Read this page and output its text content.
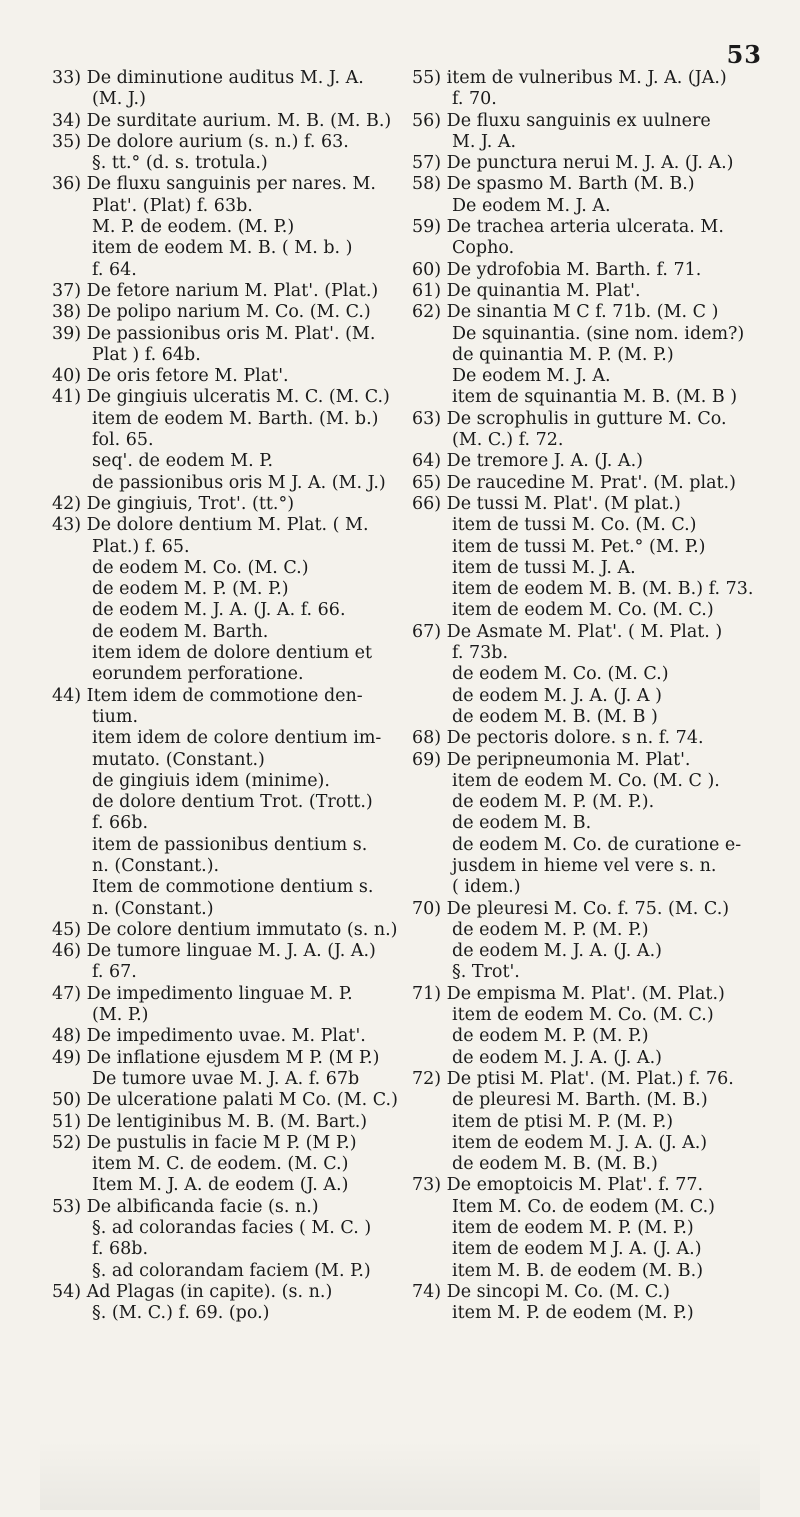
53
33) De diminutione auditus M. J. A.
(M. J.)
34) De surditate aurium. M. B. (M. B.)
35) De dolore aurium (s. n.) f. 63.
§. tt.° (d. s. trotula.)
36) De fluxu sanguinis per nares. M.
Plat'. (Plat) f. 63b.
M. P. de eodem. (M. P.)
item de eodem M. B. ( M. b. )
f. 64.
37) De fetore narium M. Plat'. (Plat.)
38) De polipo narium M. Co. (M. C.)
39) De passionibus oris M. Plat'. (M.
Plat ) f. 64b.
40) De oris fetore M. Plat'.
41) De gingiuis ulceratis M. C. (M. C.)
item de eodem M. Barth. (M. b.)
fol. 65.
seq'. de eodem M. P.
de passionibus oris M J. A. (M. J.)
42) De gingiuis, Trot'. (tt.°)
43) De dolore dentium M. Plat. ( M.
Plat.) f. 65.
de eodem M. Co. (M. C.)
de eodem M. P. (M. P.)
de eodem M. J. A. (J. A. f. 66.
de eodem M. Barth.
item idem de dolore dentium et
eorundem perforatione.
44) Item idem de commotione den-
tium.
item idem de colore dentium im-
mutato. (Constant.)
de gingiuis idem (minime).
de dolore dentium Trot. (Trott.)
f. 66b.
item de passionibus dentium s.
n. (Constant.).
Item de commotione dentium s.
n. (Constant.)
45) De colore dentium immutato (s. n.)
46) De tumore linguae M. J. A. (J. A.)
f. 67.
47) De impedimento linguae M. P.
(M. P.)
48) De impedimento uvae. M. Plat'.
49) De inflatione ejusdem M P. (M P.)
De tumore uvae M. J. A. f. 67b
50) De ulceratione palati M Co. (M. C.)
51) De lentiginibus M. B. (M. Bart.)
52) De pustulis in facie M P. (M P.)
item M. C. de eodem. (M. C.)
Item M. J. A. de eodem (J. A.)
53) De albificanda facie (s. n.)
§. ad colorandas facies ( M. C. )
f. 68b.
§. ad colorandam faciem (M. P.)
54) Ad Plagas (in capite). (s. n.)
§. (M. C.) f. 69. (po.)
55) item de vulneribus M. J. A. (JA.)
f. 70.
56) De fluxu sanguinis ex uulnere
M. J. A.
57) De punctura nerui M. J. A. (J. A.)
58) De spasmo M. Barth (M. B.)
De eodem M. J. A.
59) De trachea arteria ulcerata. M.
Copho.
60) De ydrofobia M. Barth. f. 71.
61) De quinantia M. Plat'.
62) De sinantia M C f. 71b. (M. C )
De squinantia. (sine nom. idem?)
de quinantia M. P. (M. P.)
De eodem M. J. A.
item de squinantia M. B. (M. B )
63) De scrophulis in gutture M. Co.
(M. C.) f. 72.
64) De tremore J. A. (J. A.)
65) De raucedine M. Prat'. (M. plat.)
66) De tussi M. Plat'. (M plat.)
item de tussi M. Co. (M. C.)
item de tussi M. Pet.° (M. P.)
item de tussi M. J. A.
item de eodem M. B. (M. B.) f. 73.
item de eodem M. Co. (M. C.)
67) De Asmate M. Plat'. ( M. Plat. )
f. 73b.
de eodem M. Co. (M. C.)
de eodem M. J. A. (J. A )
de eodem M. B. (M. B )
68) De pectoris dolore. s n. f. 74.
69) De peripneumonia M. Plat'.
item de eodem M. Co. (M. C ).
de eodem M. P. (M. P.).
de eodem M. B.
de eodem M. Co. de curatione e-
jusdem in hieme vel vere s. n.
( idem.)
70) De pleuresi M. Co. f. 75. (M. C.)
de eodem M. P. (M. P.)
de eodem M. J. A. (J. A.)
§. Trot'.
71) De empisma M. Plat'. (M. Plat.)
item de eodem M. Co. (M. C.)
de eodem M. P. (M. P.)
de eodem M. J. A. (J. A.)
72) De ptisi M. Plat'. (M. Plat.) f. 76.
de pleuresi M. Barth. (M. B.)
item de ptisi M. P. (M. P.)
item de eodem M. J. A. (J. A.)
de eodem M. B. (M. B.)
73) De emoptoicis M. Plat'. f. 77.
Item M. Co. de eodem (M. C.)
item de eodem M. P. (M. P.)
item de eodem M J. A. (J. A.)
item M. B. de eodem (M. B.)
74) De sincopi M. Co. (M. C.)
item M. P. de eodem (M. P.)
